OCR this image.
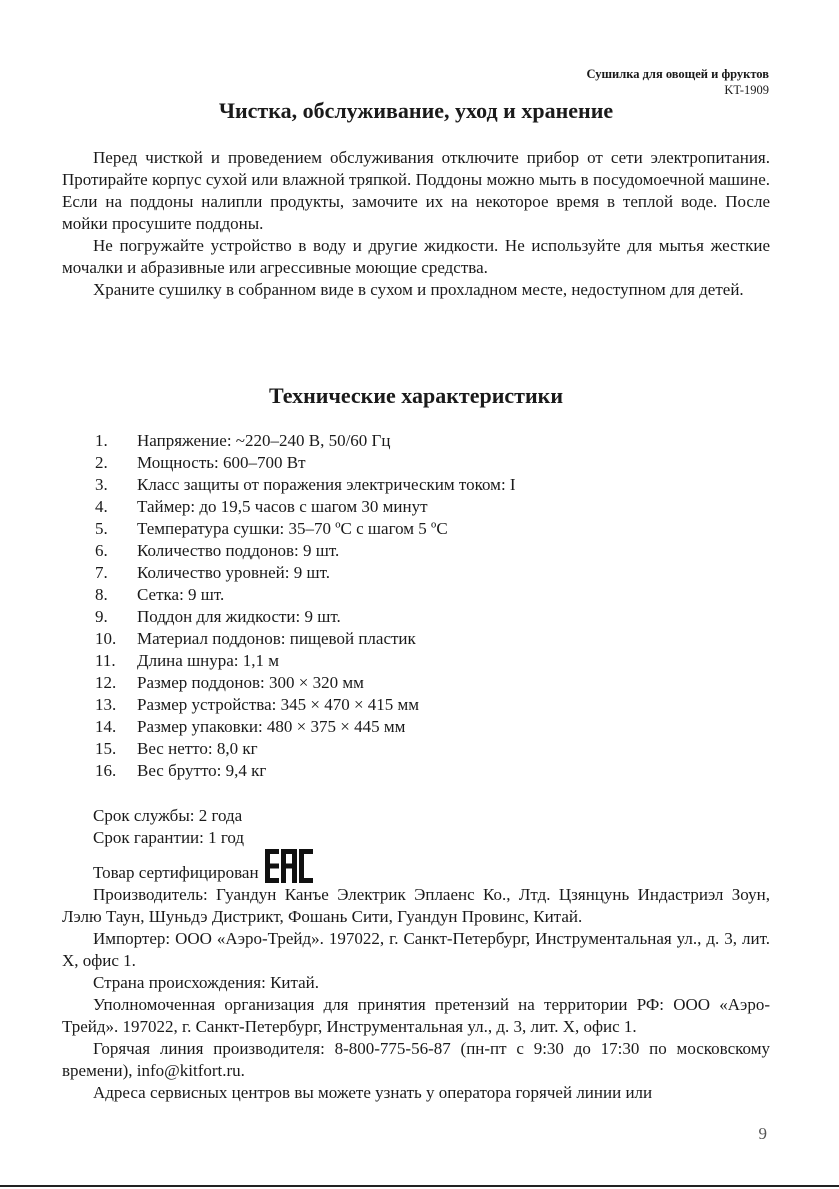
Сушилка для овощей и фруктов
KT-1909
Чистка, обслуживание, уход и хранение

Перед чисткой и проведением обслуживания отключите прибор от сети электропитания. Протирайте корпус сухой или влажной тряпкой. Поддоны можно мыть в посудомоечной машине. Если на поддоны налипли продукты, замочите их на некоторое время в теплой воде. После мойки просушите поддоны.

Не погружайте устройство в воду и другие жидкости. Не используйте для мытья жесткие мочалки и абразивные или агрессивные моющие средства.

Храните сушилку в собранном виде в сухом и прохладном месте, недоступном для детей.

Технические характеристики
1.	Напряжение: ~220–240 В, 50/60 Гц
2.	Мощность: 600–700 Вт
3.	Класс защиты от поражения электрическим током: I
4.	Таймер: до 19,5 часов с шагом 30 минут
5.	Температура сушки: 35–70 ºС с шагом 5 ºС
6.	Количество поддонов: 9 шт.
7.	Количество уровней: 9 шт.
8.	Сетка: 9 шт.
9.	Поддон для жидкости: 9 шт.
10.	Материал поддонов: пищевой пластик
11.	Длина шнура: 1,1 м
12.	Размер поддонов: 300 × 320 мм
13.	Размер устройства: 345 × 470 × 415 мм
14.	Размер упаковки: 480 × 375 × 445 мм
15.	Вес нетто: 8,0 кг
16.	Вес брутто: 9,4 кг
Срок службы: 2 года
Срок гарантии: 1 год
Товар сертифицирован

Производитель: Гуандун Канъе Электрик Эплаенс Ко., Лтд. Цзянцунь Индастриэл Зоун, Лэлю Таун, Шуньдэ Дистрикт, Фошань Сити, Гуандун Провинс, Китай.

Импортер: ООО «Аэро-Трейд». 197022, г. Санкт-Петербург, Инструментальная ул., д. 3, лит. Х, офис 1.

Страна происхождения: Китай.

Уполномоченная организация для принятия претензий на территории РФ: ООО «Аэро-Трейд». 197022, г. Санкт-Петербург, Инструментальная ул., д. 3, лит. Х, офис 1.

Горячая линия производителя: 8-800-775-56-87 (пн-пт с 9:30 до 17:30 по московскому времени), info@kitfort.ru.

Адреса сервисных центров вы можете узнать у оператора горячей линии или

9
